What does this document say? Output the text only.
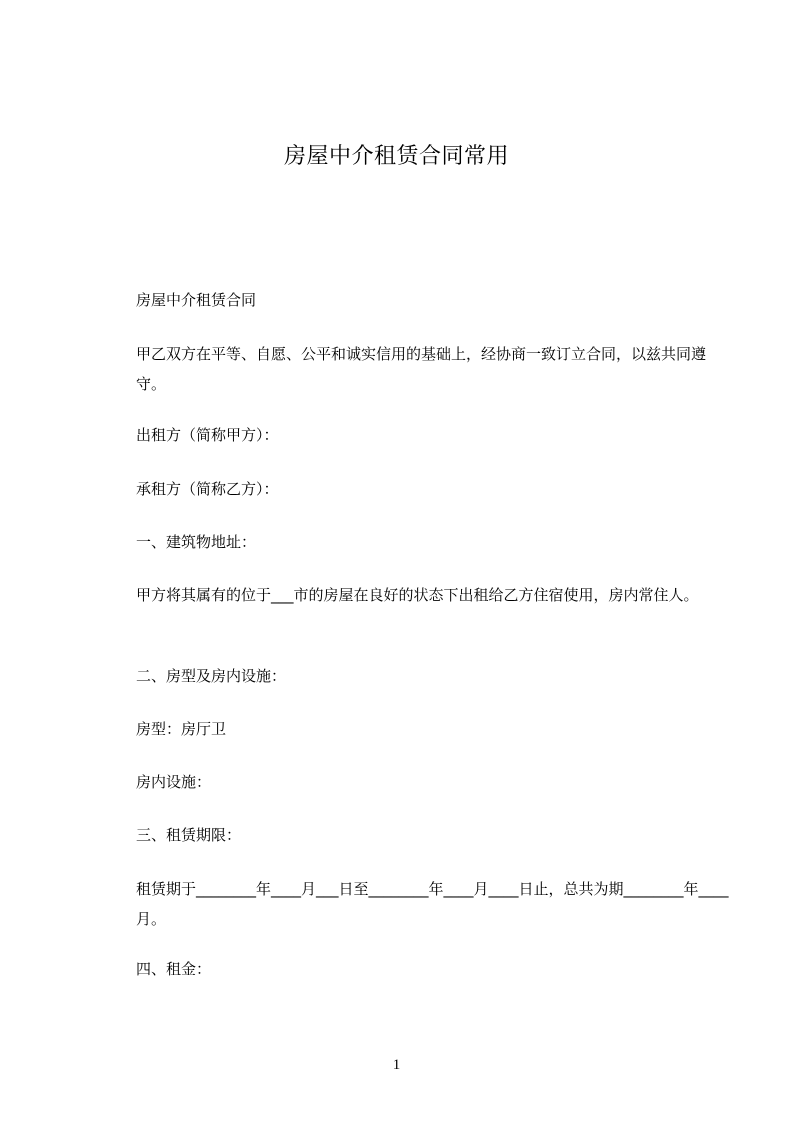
房屋中介租赁合同常用
房屋中介租赁合同
甲乙双方在平等、自愿、公平和诚实信用的基础上，经协商一致订立合同，以兹共同遵守。
出租方（简称甲方）：
承租方（简称乙方）：
一、建筑物地址：
甲方将其属有的位于___市的房屋在良好的状态下出租给乙方住宿使用，房内常住人。
二、房型及房内设施：
房型：房厅卫
房内设施：
三、租赁期限：
租赁期于________年____月___日至________年____月____日止，总共为期________年____月。
四、租金：
1
